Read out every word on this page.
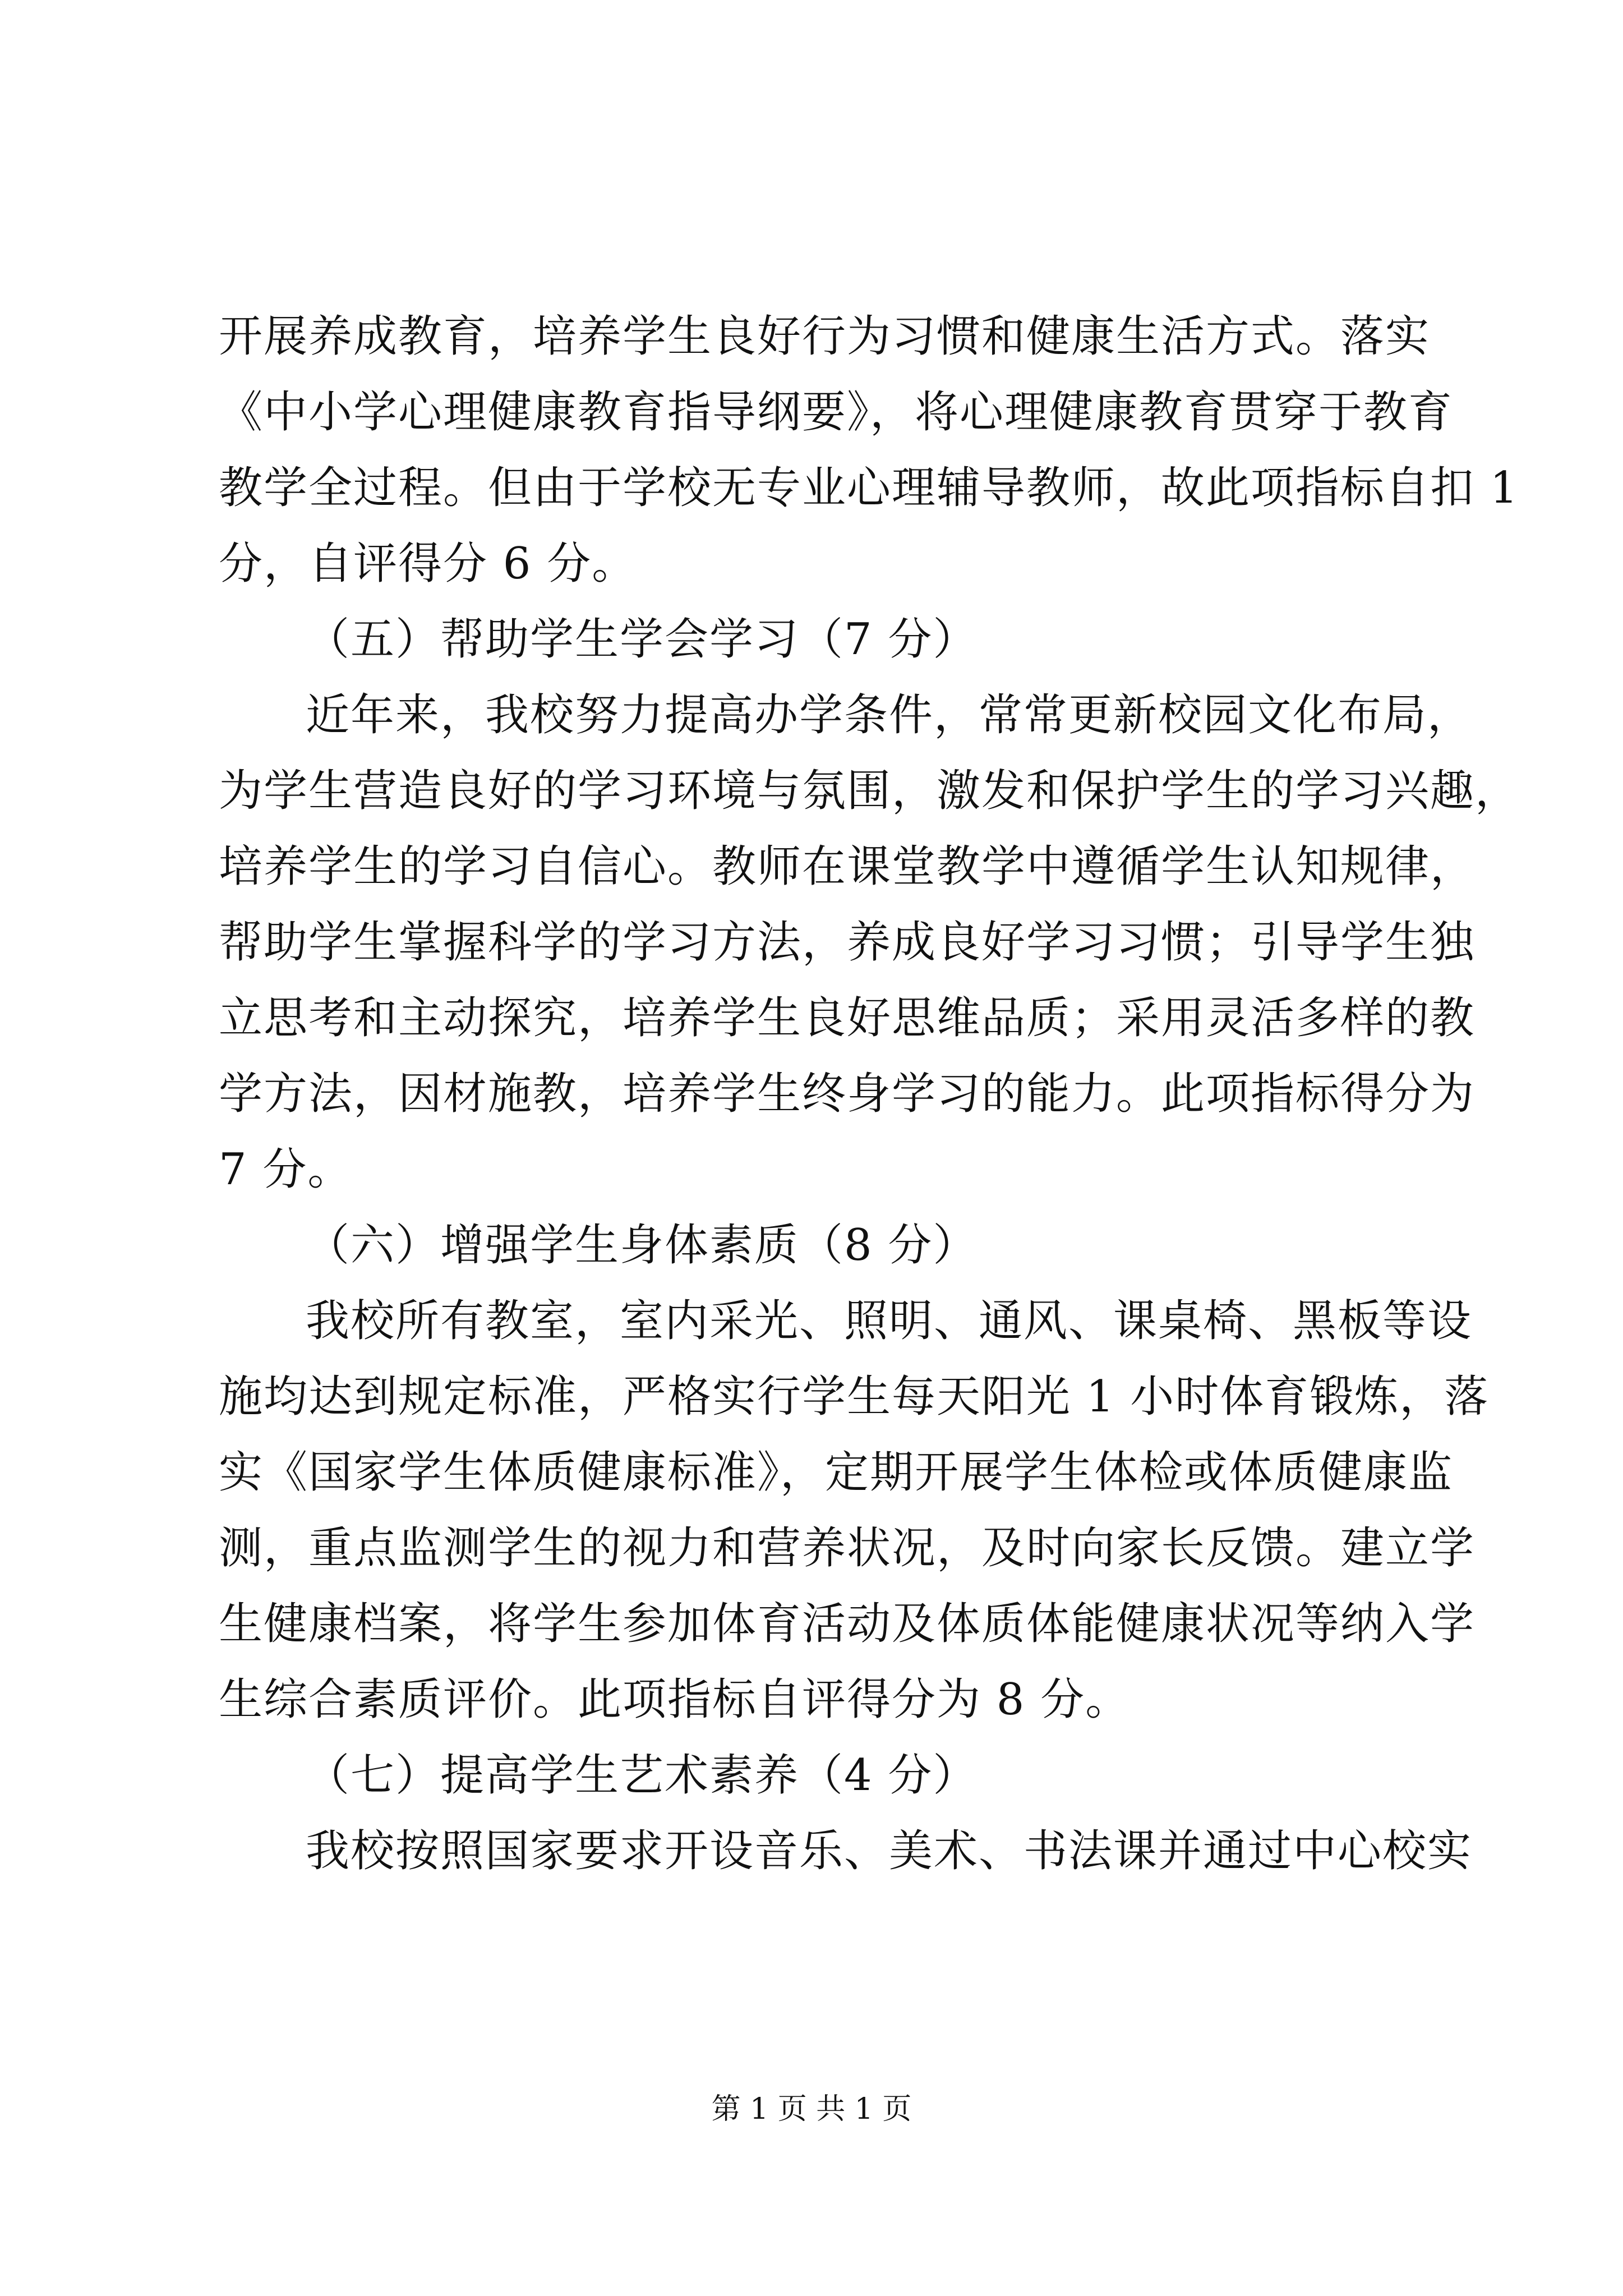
开展养成教育，培养学生良好行为习惯和健康生活方式。落实
《中小学心理健康教育指导纲要》，将心理健康教育贯穿于教育
教学全过程。但由于学校无专业心理辅导教师，故此项指标自扣 1
分，自评得分 6 分。
（五）帮助学生学会学习（7 分）
近年来，我校努力提高办学条件，常常更新校园文化布局，
为学生营造良好的学习环境与氛围，激发和保护学生的学习兴趣，
培养学生的学习自信心。教师在课堂教学中遵循学生认知规律，
帮助学生掌握科学的学习方法，养成良好学习习惯；引导学生独
立思考和主动探究，培养学生良好思维品质；采用灵活多样的教
学方法，因材施教，培养学生终身学习的能力。此项指标得分为
7 分。
（六）增强学生身体素质（8 分）
我校所有教室，室内采光、照明、通风、课桌椅、黑板等设
施均达到规定标准，严格实行学生每天阳光 1 小时体育锻炼，落
实《国家学生体质健康标准》，定期开展学生体检或体质健康监
测，重点监测学生的视力和营养状况，及时向家长反馈。建立学
生健康档案，将学生参加体育活动及体质体能健康状况等纳入学
生综合素质评价。此项指标自评得分为 8 分。
（七）提高学生艺术素养（4 分）
我校按照国家要求开设音乐、美术、书法课并通过中心校实
第 1 页 共 1 页
